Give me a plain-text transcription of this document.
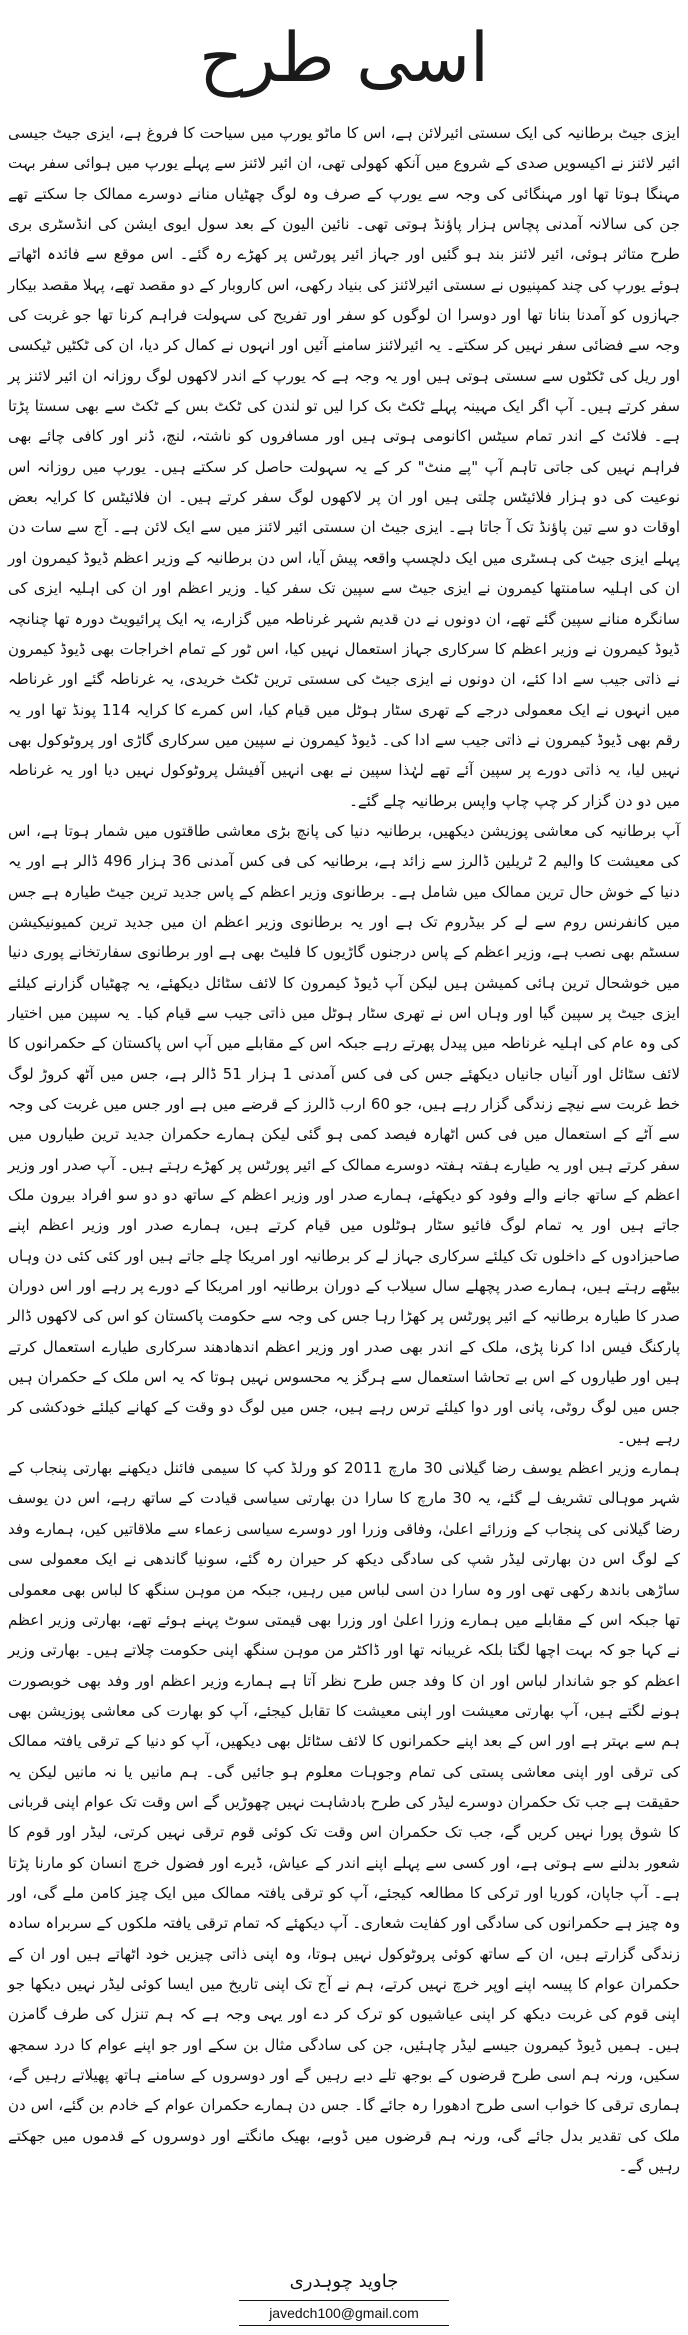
اسی طرح

ایزی جیٹ برطانیہ کی ایک سستی ائیرلائن ہے، اس کا ماٹو یورپ میں سیاحت کا فروغ ہے، ایزی جیٹ جیسی ائیر لائنز نے اکیسویں صدی کے شروع میں آنکھ کھولی تھی، ان ائیر لائنز سے پہلے یورپ میں ہوائی سفر بہت مہنگا ہوتا تھا اور مہنگائی کی وجہ سے یورپ کے صرف وہ لوگ چھٹیاں منانے دوسرے ممالک جا سکتے تھے جن کی سالانہ آمدنی پچاس ہزار پاؤنڈ ہوتی تھی۔ نائین الیون کے بعد سول ایوی ایشن کی انڈسٹری بری طرح متاثر ہوئی، ائیر لائنز بند ہو گئیں اور جہاز ائیر پورٹس پر کھڑے رہ گئے۔ اس موقع سے فائدہ اٹھاتے ہوئے یورپ کی چند کمپنیوں نے سستی ائیرلائنز کی بنیاد رکھی، اس کاروبار کے دو مقصد تھے، پہلا مقصد بیکار جہازوں کو آمدنا بنانا تھا اور دوسرا ان لوگوں کو سفر اور تفریح کی سہولت فراہم کرنا تھا جو غربت کی وجہ سے فضائی سفر نہیں کر سکتے۔ یہ ائیرلائنز سامنے آئیں اور انہوں نے کمال کر دیا، ان کی ٹکٹیں ٹیکسی اور ریل کی ٹکٹوں سے سستی ہوتی ہیں اور یہ وجہ ہے کہ یورپ کے اندر لاکھوں لوگ روزانہ ان ائیر لائنز پر سفر کرتے ہیں۔ آپ اگر ایک مہینہ پہلے ٹکٹ بک کرا لیں تو لندن کی ٹکٹ بس کے ٹکٹ سے بھی سستا پڑتا ہے۔ فلائٹ کے اندر تمام سیٹس اکانومی ہوتی ہیں اور مسافروں کو ناشتہ، لنچ، ڈنر اور کافی چائے بھی فراہم نہیں کی جاتی تاہم آپ "پے منٹ" کر کے یہ سہولت حاصل کر سکتے ہیں۔ یورپ میں روزانہ اس نوعیت کی دو ہزار فلائیٹس چلتی ہیں اور ان پر لاکھوں لوگ سفر کرتے ہیں۔ ان فلائیٹس کا کرایہ بعض اوقات دو سے تین پاؤنڈ تک آ جاتا ہے۔ ایزی جیٹ ان سستی ائیر لائنز میں سے ایک لائن ہے۔ آج سے سات دن پہلے ایزی جیٹ کی ہسٹری میں ایک دلچسپ واقعہ پیش آیا، اس دن برطانیہ کے وزیر اعظم ڈیوڈ کیمرون اور ان کی اہلیہ سامنتھا کیمرون نے ایزی جیٹ سے سپین تک سفر کیا۔ وزیر اعظم اور ان کی اہلیہ ایزی کی سانگرہ منانے سپین گئے تھے، ان دونوں نے دن قدیم شہر غرناطہ میں گزارے، یہ ایک پرائیویٹ دورہ تھا چنانچہ ڈیوڈ کیمرون نے وزیر اعظم کا سرکاری جہاز استعمال نہیں کیا، اس ٹور کے تمام اخراجات بھی ڈیوڈ کیمرون نے ذاتی جیب سے ادا کئے، ان دونوں نے ایزی جیٹ کی سستی ترین ٹکٹ خریدی، یہ غرناطہ گئے اور غرناطہ میں انہوں نے ایک معمولی درجے کے تھری سٹار ہوٹل میں قیام کیا، اس کمرے کا کرایہ 114 پونڈ تھا اور یہ رقم بھی ڈیوڈ کیمرون نے ذاتی جیب سے ادا کی۔ ڈیوڈ کیمرون نے سپین میں سرکاری گاڑی اور پروٹوکول بھی نہیں لیا، یہ ذاتی دورے پر سپین آئے تھے لہٰذا سپین نے بھی انہیں آفیشل پروٹوکول نہیں دیا اور یہ غرناطہ میں دو دن گزار کر چپ چاپ واپس برطانیہ چلے گئے۔

آپ برطانیہ کی معاشی پوزیشن دیکھیں، برطانیہ دنیا کی پانچ بڑی معاشی طاقتوں میں شمار ہوتا ہے، اس کی معیشت کا والیم 2 ٹریلین ڈالرز سے زائد ہے، برطانیہ کی فی کس آمدنی 36 ہزار 496 ڈالر ہے اور یہ دنیا کے خوش حال ترین ممالک میں شامل ہے۔ برطانوی وزیر اعظم کے پاس جدید ترین جیٹ طیارہ ہے جس میں کانفرنس روم سے لے کر بیڈروم تک ہے اور یہ برطانوی وزیر اعظم ان میں جدید ترین کمیونیکیشن سسٹم بھی نصب ہے، وزیر اعظم کے پاس درجنوں گاڑیوں کا فلیٹ بھی ہے اور برطانوی سفارتخانے پوری دنیا میں خوشحال ترین ہائی کمیشن ہیں لیکن آپ ڈیوڈ کیمرون کا لائف سٹائل دیکھئے، یہ چھٹیاں گزارنے کیلئے ایزی جیٹ پر سپین گیا اور وہاں اس نے تھری سٹار ہوٹل میں ذاتی جیب سے قیام کیا۔ یہ سپین میں اختیار کی وہ عام کی اہلیہ غرناطہ میں پیدل پھرتے رہے جبکہ اس کے مقابلے میں آپ اس پاکستان کے حکمرانوں کا لائف سٹائل اور آنیاں جانیاں دیکھئے جس کی فی کس آمدنی 1 ہزار 51 ڈالر ہے، جس میں آٹھ کروڑ لوگ خط غربت سے نیچے زندگی گزار رہے ہیں، جو 60 ارب ڈالرز کے قرضے میں ہے اور جس میں غربت کی وجہ سے آٹے کے استعمال میں فی کس اٹھارہ فیصد کمی ہو گئی لیکن ہمارے حکمران جدید ترین طیاروں میں سفر کرتے ہیں اور یہ طیارے ہفتہ ہفتہ دوسرے ممالک کے ائیر پورٹس پر کھڑے رہتے ہیں۔ آپ صدر اور وزیر اعظم کے ساتھ جانے والے وفود کو دیکھئے، ہمارے صدر اور وزیر اعظم کے ساتھ دو دو سو افراد بیرون ملک جاتے ہیں اور یہ تمام لوگ فائیو سٹار ہوٹلوں میں قیام کرتے ہیں، ہمارے صدر اور وزیر اعظم اپنے صاحبزادوں کے داخلوں تک کیلئے سرکاری جہاز لے کر برطانیہ اور امریکا چلے جاتے ہیں اور کئی کئی دن وہاں بیٹھے رہتے ہیں، ہمارے صدر پچھلے سال سیلاب کے دوران برطانیہ اور امریکا کے دورے پر رہے اور اس دوران صدر کا طیارہ برطانیہ کے ائیر پورٹس پر کھڑا رہا جس کی وجہ سے حکومت پاکستان کو اس کی لاکھوں ڈالر پارکنگ فیس ادا کرنا پڑی، ملک کے اندر بھی صدر اور وزیر اعظم اندھادھند سرکاری طیارے استعمال کرتے ہیں اور طیاروں کے اس بے تحاشا استعمال سے ہرگز یہ محسوس نہیں ہوتا کہ یہ اس ملک کے حکمران ہیں جس میں لوگ روٹی، پانی اور دوا کیلئے ترس رہے ہیں، جس میں لوگ دو وقت کے کھانے کیلئے خودکشی کر رہے ہیں۔

ہمارے وزیر اعظم یوسف رضا گیلانی 30 مارچ 2011 کو ورلڈ کپ کا سیمی فائنل دیکھنے بھارتی پنجاب کے شہر موہالی تشریف لے گئے، یہ 30 مارچ کا سارا دن بھارتی سیاسی قیادت کے ساتھ رہے، اس دن یوسف رضا گیلانی کی پنجاب کے وزرائے اعلیٰ، وفاقی وزرا اور دوسرے سیاسی زعماء سے ملاقاتیں کیں، ہمارے وفد کے لوگ اس دن بھارتی لیڈر شپ کی سادگی دیکھ کر حیران رہ گئے، سونیا گاندھی نے ایک معمولی سی ساڑھی باندھ رکھی تھی اور وہ سارا دن اسی لباس میں رہیں، جبکہ من موہن سنگھ کا لباس بھی معمولی تھا جبکہ اس کے مقابلے میں ہمارے وزرا اعلیٰ اور وزرا بھی قیمتی سوٹ پہنے ہوئے تھے، بھارتی وزیر اعظم نے کہا جو کہ بہت اچھا لگتا بلکہ غریبانہ تھا اور ڈاکٹر من موہن سنگھ اپنی حکومت چلاتے ہیں۔ بھارتی وزیر اعظم کو جو شاندار لباس اور ان کا وفد جس طرح نظر آتا ہے ہمارے وزیر اعظم اور وفد بھی خوبصورت ہونے لگتے ہیں، آپ بھارتی معیشت اور اپنی معیشت کا تقابل کیجئے، آپ کو بھارت کی معاشی پوزیشن بھی ہم سے بہتر ہے اور اس کے بعد اپنے حکمرانوں کا لائف سٹائل بھی دیکھیں، آپ کو دنیا کے ترقی یافتہ ممالک کی ترقی اور اپنی معاشی پستی کی تمام وجوہات معلوم ہو جائیں گی۔ ہم مانیں یا نہ مانیں لیکن یہ حقیقت ہے جب تک حکمران دوسرے لیڈر کی طرح بادشاہت نہیں چھوڑیں گے اس وقت تک عوام اپنی قربانی کا شوق پورا نہیں کریں گے، جب تک حکمران اس وقت تک کوئی قوم ترقی نہیں کرتی، لیڈر اور قوم کا شعور بدلنے سے ہوتی ہے، اور کسی سے پہلے اپنے اندر کے عیاش، ڈیرے اور فضول خرچ انسان کو مارنا پڑتا ہے۔ آپ جاپان، کوریا اور ترکی کا مطالعہ کیجئے، آپ کو ترقی یافتہ ممالک میں ایک چیز کامن ملے گی، اور وہ چیز ہے حکمرانوں کی سادگی اور کفایت شعاری۔ آپ دیکھئے کہ تمام ترقی یافتہ ملکوں کے سربراہ سادہ زندگی گزارتے ہیں، ان کے ساتھ کوئی پروٹوکول نہیں ہوتا، وہ اپنی ذاتی چیزیں خود اٹھاتے ہیں اور ان کے حکمران عوام کا پیسہ اپنے اوپر خرچ نہیں کرتے، ہم نے آج تک اپنی تاریخ میں ایسا کوئی لیڈر نہیں دیکھا جو اپنی قوم کی غربت دیکھ کر اپنی عیاشیوں کو ترک کر دے اور یہی وجہ ہے کہ ہم تنزل کی طرف گامزن ہیں۔ ہمیں ڈیوڈ کیمرون جیسے لیڈر چاہئیں، جن کی سادگی مثال بن سکے اور جو اپنے عوام کا درد سمجھ سکیں، ورنہ ہم اسی طرح قرضوں کے بوجھ تلے دبے رہیں گے اور دوسروں کے سامنے ہاتھ پھیلاتے رہیں گے، ہماری ترقی کا خواب اسی طرح ادھورا رہ جائے گا۔ جس دن ہمارے حکمران عوام کے خادم بن گئے، اس دن ملک کی تقدیر بدل جائے گی، ورنہ ہم قرضوں میں ڈوبے، بھیک مانگتے اور دوسروں کے قدموں میں جھکتے رہیں گے۔

جاوید چوہدری
javedch100@gmail.com
